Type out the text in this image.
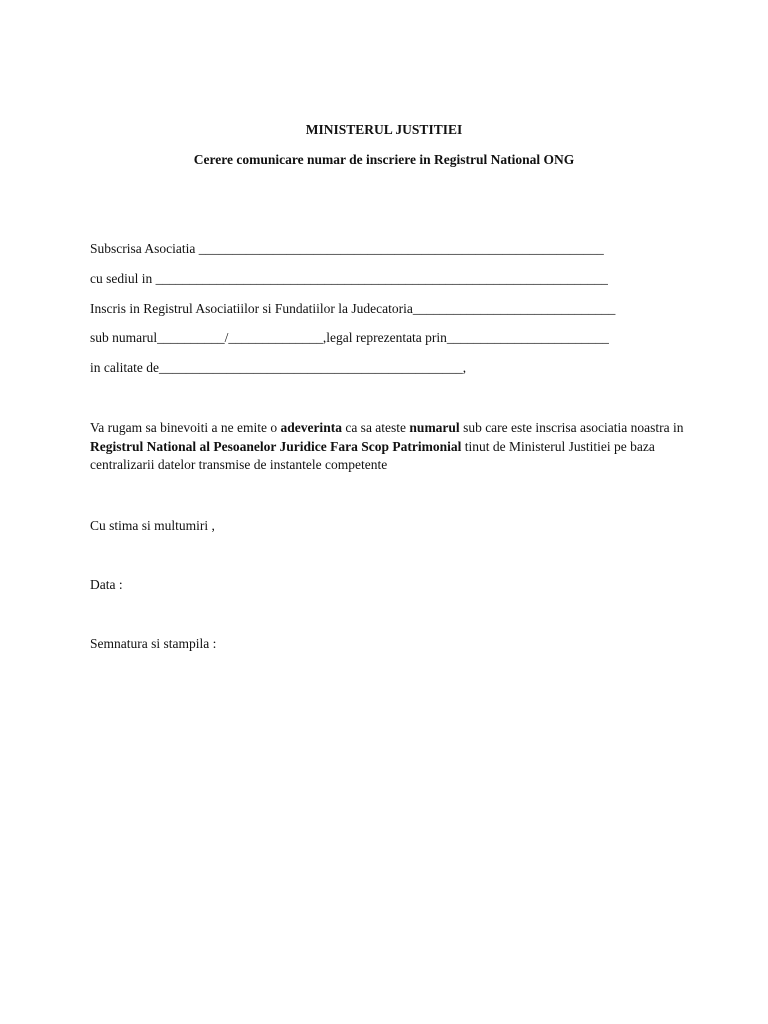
MINISTERUL JUSTITIEI
Cerere comunicare numar de inscriere in Registrul National ONG
Subscrisa Asociatia ____________________________________________________________
cu sediul in ___________________________________________________________________
Inscris in Registrul Asociatiilor si Fundatiilor la Judecatoria______________________________
sub numarul__________/______________,legal reprezentata prin________________________
in calitate de_____________________________________________,
Va rugam sa binevoiti a ne emite o adeverinta ca sa ateste numarul sub care este inscrisa asociatia noastra in Registrul National al Pesoanelor Juridice Fara Scop Patrimonial tinut de Ministerul Justitiei pe baza centralizarii datelor transmise de instantele competente
Cu stima si multumiri ,
Data :
Semnatura si stampila :
